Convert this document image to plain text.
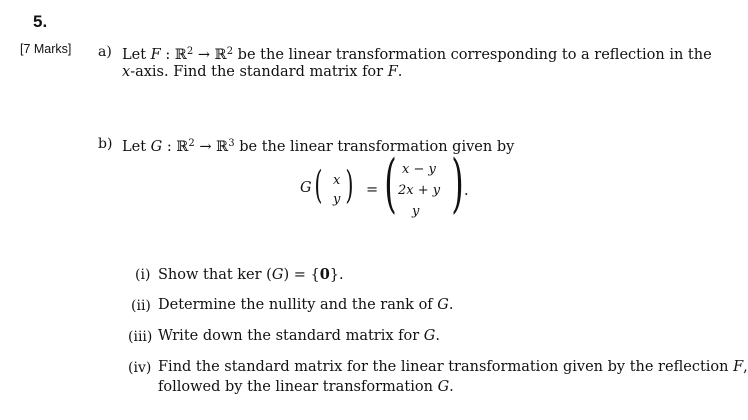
5.
[7 Marks] a) Let F : ℝ$^2$ → ℝ$^2$ be the linear transformation corresponding to a reflection in the
x-axis. Find the standard matrix for F.
b) Let G : ℝ$^2$ → ℝ$^3$ be the linear transformation given by
G ( x
y ) = ( x − y
2x + y
y ) .
(i) Show that ker (G) = {0}.
(ii) Determine the nullity and the rank of G.
(iii) Write down the standard matrix for G.
(iv) Find the standard matrix for the linear transformation given by the reflection F,
followed by the linear transformation G.
